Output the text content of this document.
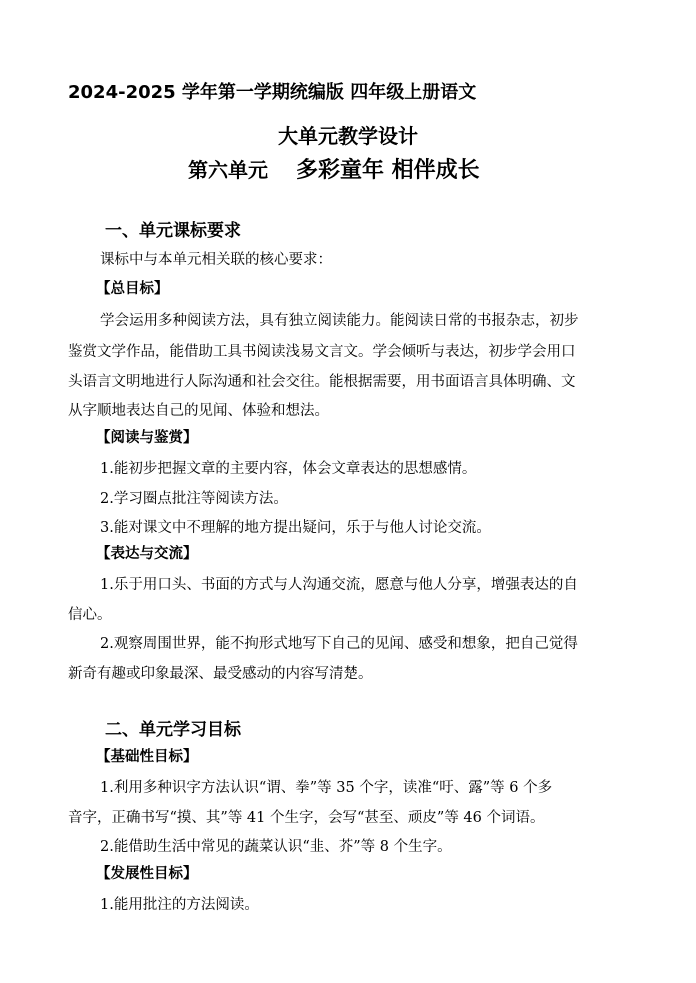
2024-2025 学年第一学期统编版 四年级上册语文
大单元教学设计
第六单元 多彩童年 相伴成长
一、单元课标要求
课标中与本单元相关联的核心要求：
【总目标】
学会运用多种阅读方法，具有独立阅读能力。能阅读日常的书报杂志，初步
鉴赏文学作品，能借助工具书阅读浅易文言文。学会倾听与表达，初步学会用口
头语言文明地进行人际沟通和社会交往。能根据需要，用书面语言具体明确、文
从字顺地表达自己的见闻、体验和想法。
【阅读与鉴赏】
1.能初步把握文章的主要内容，体会文章表达的思想感情。
2.学习圈点批注等阅读方法。
3.能对课文中不理解的地方提出疑问，乐于与他人讨论交流。
【表达与交流】
1.乐于用口头、书面的方式与人沟通交流，愿意与他人分享，增强表达的自
信心。
2.观察周围世界，能不拘形式地写下自己的见闻、感受和想象，把自己觉得
新奇有趣或印象最深、最受感动的内容写清楚。
二、单元学习目标
【基础性目标】
1.利用多种识字方法认识“谓、拳”等 35 个字，读准“吁、露”等 6 个多
音字，正确书写“摸、其”等 41 个生字，会写“甚至、顽皮”等 46 个词语。
2.能借助生活中常见的蔬菜认识“韭、芥”等 8 个生字。
【发展性目标】
1.能用批注的方法阅读。
